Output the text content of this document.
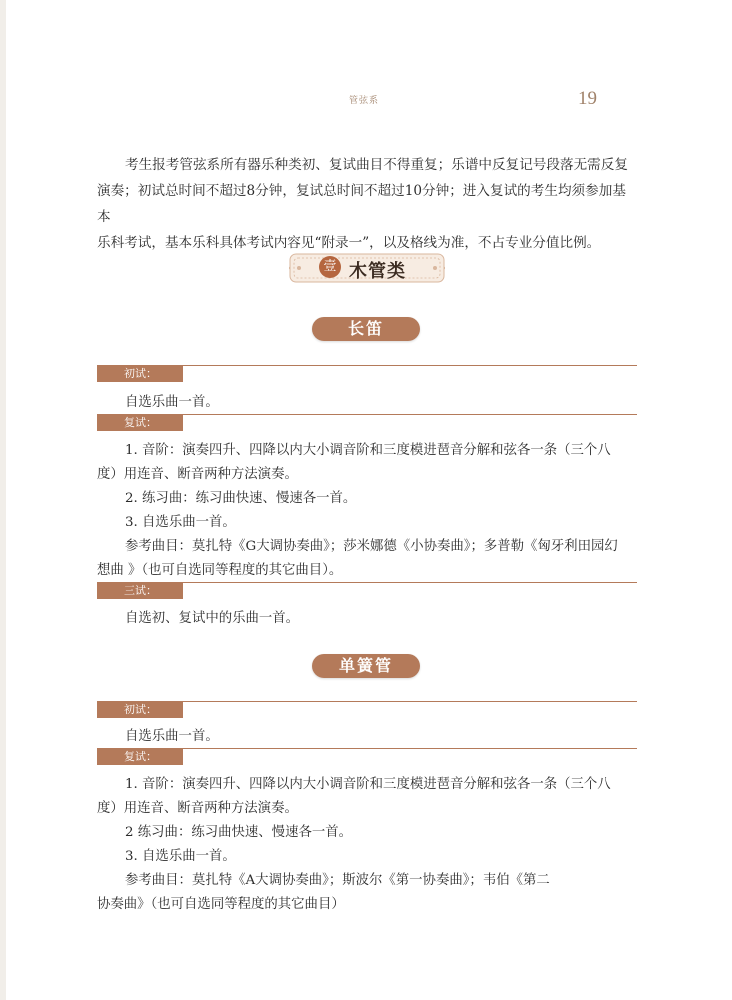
管弦系	19

考生报考管弦系所有器乐种类初、复试曲目不得重复；乐谱中反复记号段落无需反复

演奏；初试总时间不超过8分钟，复试总时间不超过10分钟；进入复试的考生均须参加基本
乐科考试，基本乐科具体考试内容见“附录一”，以及格线为准，不占专业分值比例。
壹 木管类
长笛
初试：
自选乐曲一首。
复试：
1. 音阶：演奏四升、四降以内大小调音阶和三度模进琶音分解和弦各一条（三个八
度）用连音、断音两种方法演奏。
2. 练习曲：练习曲快速、慢速各一首。
3. 自选乐曲一首。
参考曲目：莫扎特《G大调协奏曲》；莎米娜德《小协奏曲》；多普勒《匈牙利田园幻
想曲 》（也可自选同等程度的其它曲目）。
三试：
自选初、复试中的乐曲一首。
单簧管
初试：
自选乐曲一首。
复试：
1. 音阶：演奏四升、四降以内大小调音阶和三度模进琶音分解和弦各一条（三个八
度）用连音、断音两种方法演奏。
2 练习曲：练习曲快速、慢速各一首。
3. 自选乐曲一首。
参考曲目：莫扎特《A大调协奏曲》；斯波尔《第一协奏曲》；韦伯《第二
协奏曲》（也可自选同等程度的其它曲目）
